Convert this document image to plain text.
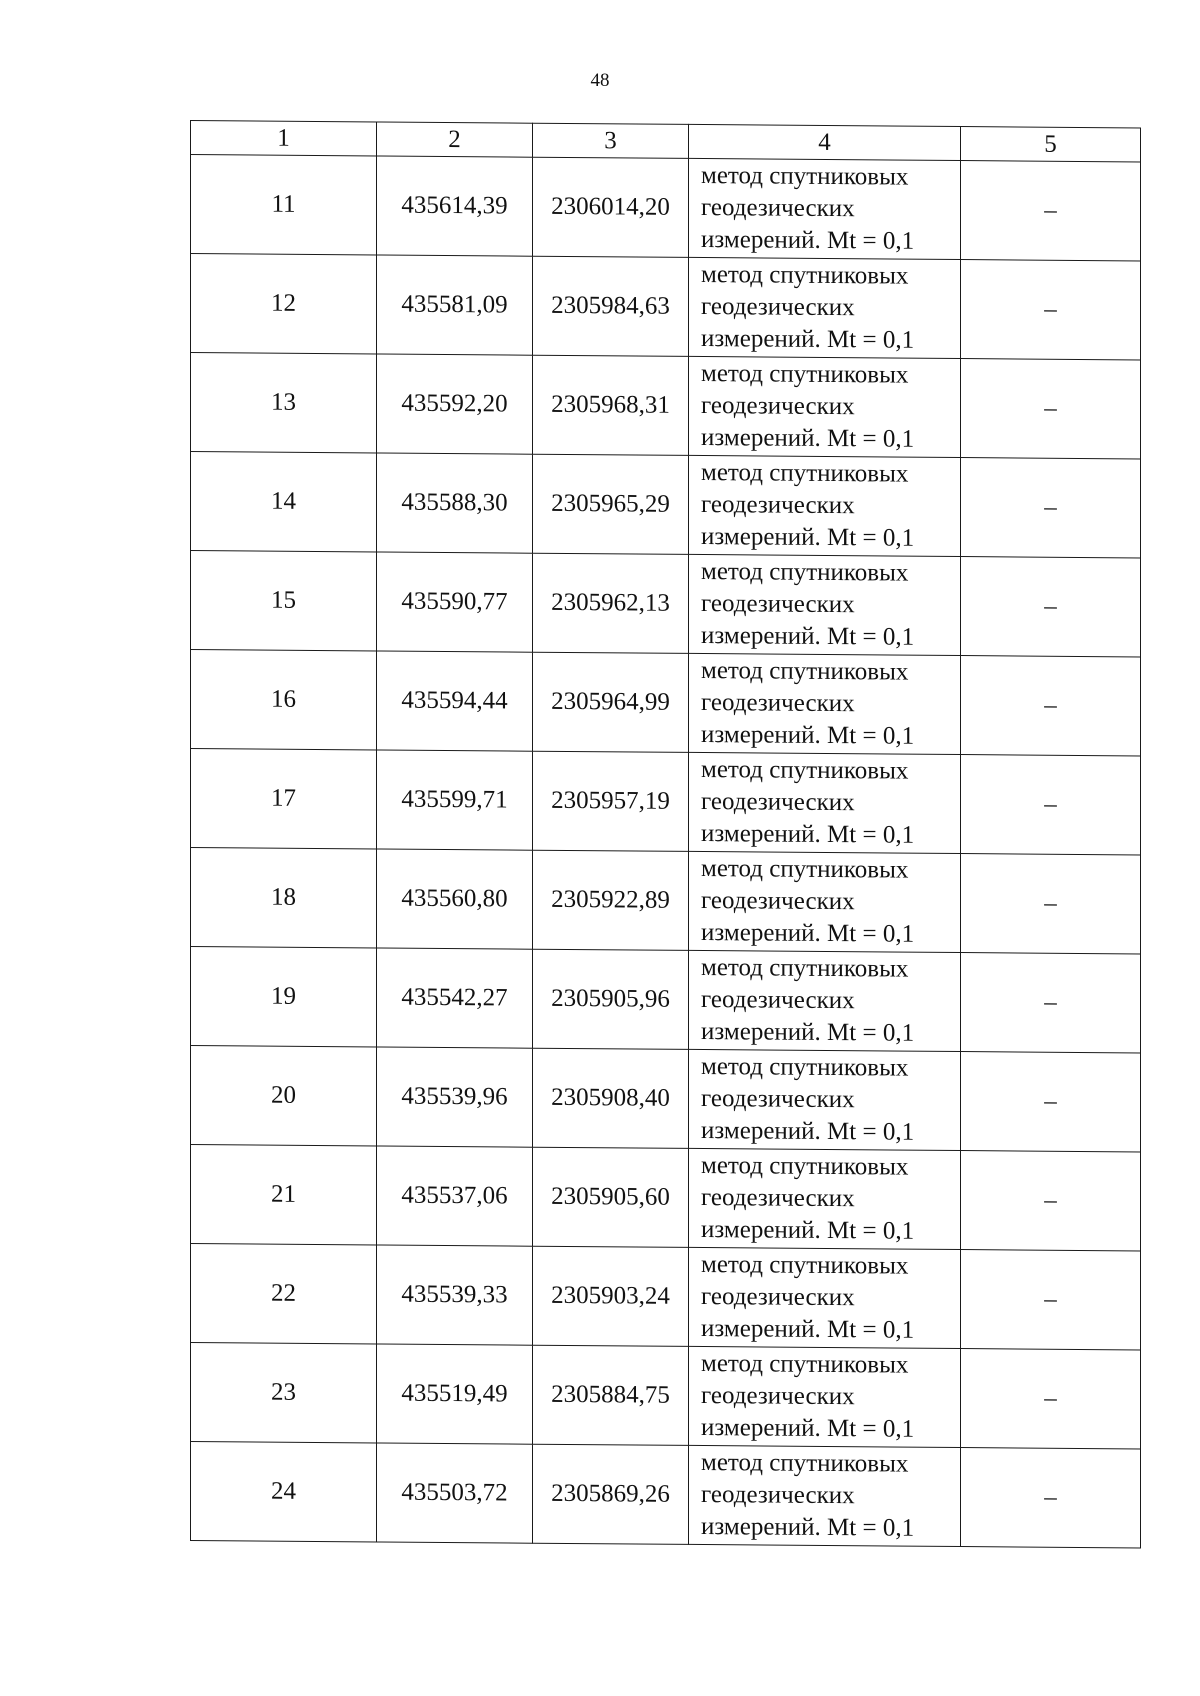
48
1	2	3	4	5
11	435614,39	2306014,20	метод спутниковых
геодезических
измерений. Mt = 0,1	–
12	435581,09	2305984,63	метод спутниковых
геодезических
измерений. Mt = 0,1	–
13	435592,20	2305968,31	метод спутниковых
геодезических
измерений. Mt = 0,1	–
14	435588,30	2305965,29	метод спутниковых
геодезических
измерений. Mt = 0,1	–
15	435590,77	2305962,13	метод спутниковых
геодезических
измерений. Mt = 0,1	–
16	435594,44	2305964,99	метод спутниковых
геодезических
измерений. Mt = 0,1	–
17	435599,71	2305957,19	метод спутниковых
геодезических
измерений. Mt = 0,1	–
18	435560,80	2305922,89	метод спутниковых
геодезических
измерений. Mt = 0,1	–
19	435542,27	2305905,96	метод спутниковых
геодезических
измерений. Mt = 0,1	–
20	435539,96	2305908,40	метод спутниковых
геодезических
измерений. Mt = 0,1	–
21	435537,06	2305905,60	метод спутниковых
геодезических
измерений. Mt = 0,1	–
22	435539,33	2305903,24	метод спутниковых
геодезических
измерений. Mt = 0,1	–
23	435519,49	2305884,75	метод спутниковых
геодезических
измерений. Mt = 0,1	–
24	435503,72	2305869,26	метод спутниковых
геодезических
измерений. Mt = 0,1	–
